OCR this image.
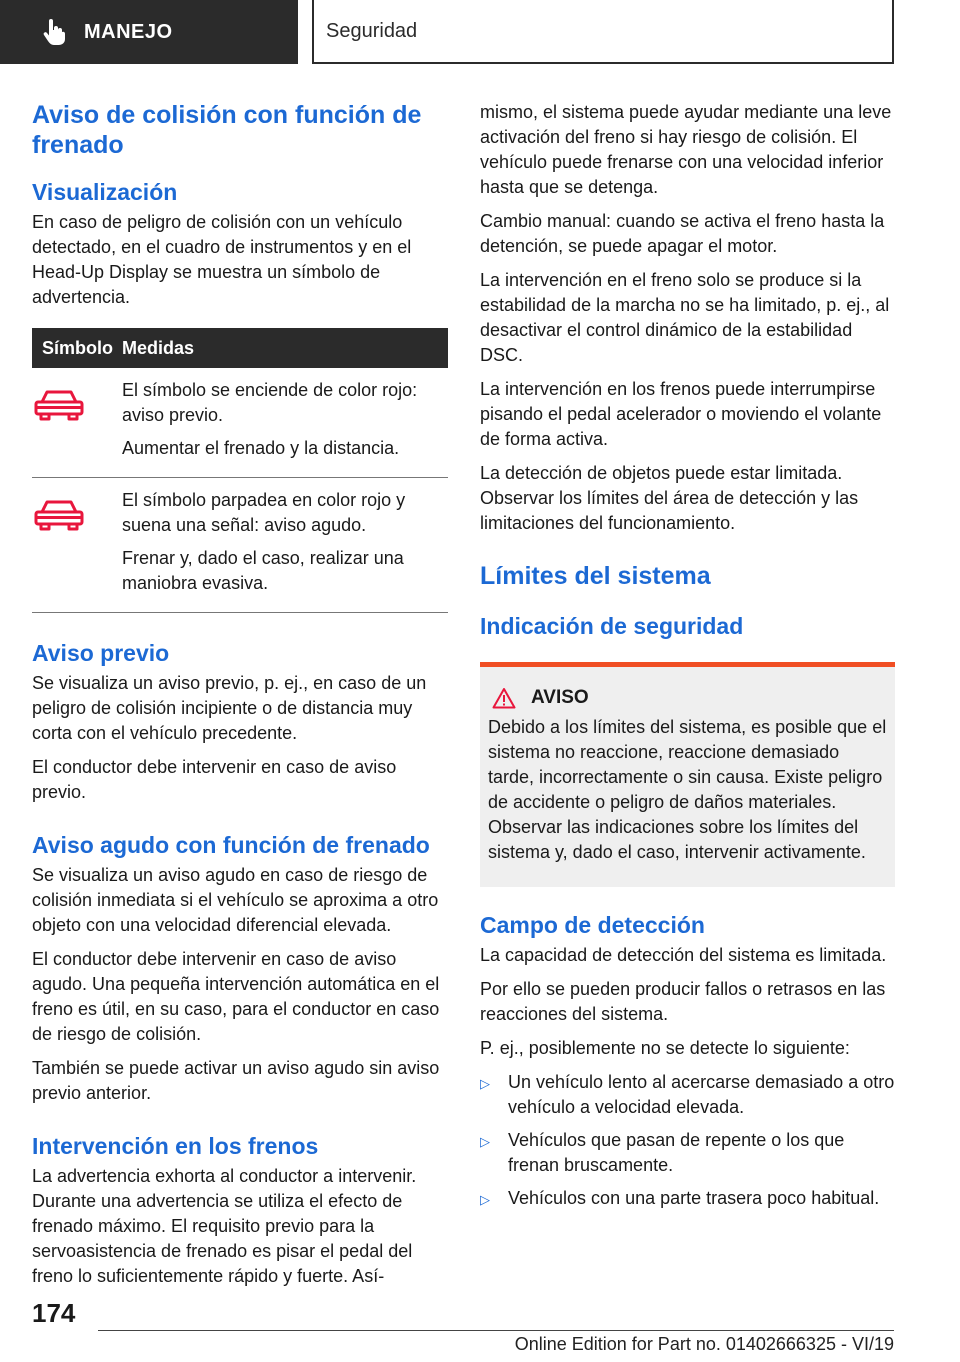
MANEJO	Seguridad
Aviso de colisión con función de frenado
Visualización
En caso de peligro de colisión con un vehículo detectado, en el cuadro de instrumentos y en el Head-Up Display se muestra un símbolo de advertencia.
Símbolo	Medidas

El símbolo se enciende de color rojo: aviso previo.
Aumentar el frenado y la distancia.

El símbolo parpadea en color rojo y suena una señal: aviso agudo.
Frenar y, dado el caso, realizar una maniobra evasiva.
Aviso previo
Se visualiza un aviso previo, p. ej., en caso de un peligro de colisión incipiente o de distancia muy corta con el vehículo precedente.
El conductor debe intervenir en caso de aviso previo.
Aviso agudo con función de frenado
Se visualiza un aviso agudo en caso de riesgo de colisión inmediata si el vehículo se aproxima a otro objeto con una velocidad diferencial elevada.
El conductor debe intervenir en caso de aviso agudo. Una pequeña intervención automática en el freno es útil, en su caso, para el conductor en caso de riesgo de colisión.
También se puede activar un aviso agudo sin aviso previo anterior.
Intervención en los frenos
La advertencia exhorta al conductor a intervenir. Durante una advertencia se utiliza el efecto de frenado máximo. El requisito previo para la servoasistencia de frenado es pisar el pedal del freno lo suficientemente rápido y fuerte. Así-
mismo, el sistema puede ayudar mediante una leve activación del freno si hay riesgo de colisión. El vehículo puede frenarse con una velocidad inferior hasta que se detenga.
Cambio manual: cuando se activa el freno hasta la detención, se puede apagar el motor.
La intervención en el freno solo se produce si la estabilidad de la marcha no se ha limitado, p. ej., al desactivar el control dinámico de la estabilidad DSC.
La intervención en los frenos puede interrumpirse pisando el pedal acelerador o moviendo el volante de forma activa.
La detección de objetos puede estar limitada. Observar los límites del área de detección y las limitaciones del funcionamiento.
Límites del sistema
Indicación de seguridad
AVISO
Debido a los límites del sistema, es posible que el sistema no reaccione, reaccione demasiado tarde, incorrectamente o sin causa. Existe peligro de accidente o peligro de daños materiales. Observar las indicaciones sobre los límites del sistema y, dado el caso, intervenir activamente.
Campo de detección
La capacidad de detección del sistema es limitada.
Por ello se pueden producir fallos o retrasos en las reacciones del sistema.
P. ej., posiblemente no se detecte lo siguiente:
▷	Un vehículo lento al acercarse demasiado a otro vehículo a velocidad elevada.
▷	Vehículos que pasan de repente o los que frenan bruscamente.
▷	Vehículos con una parte trasera poco habitual.
174
Online Edition for Part no. 01402666325 - VI/19
